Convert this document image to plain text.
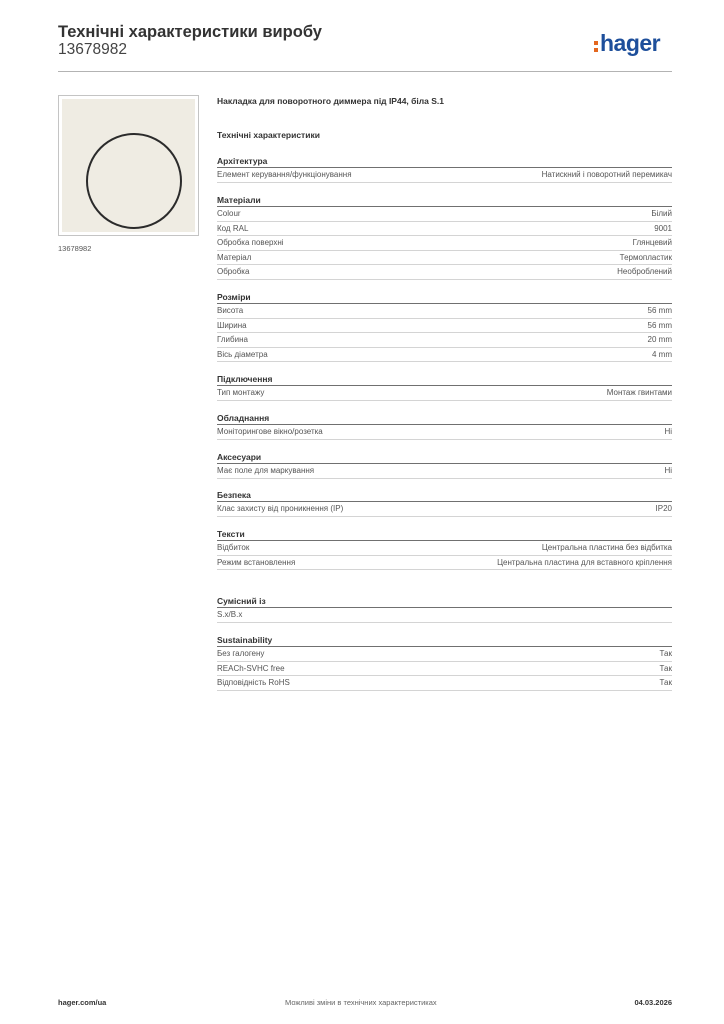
Технічні характеристики виробу
13678982	hager
13678982
Накладка для поворотного диммера під IP44, біла S.1
Технічні характеристики
Архітектура
Елемент керування/функціонування	Натискний і поворотний перемикач
Матеріали
Colour	Білий
Код RAL	9001
Обробка поверхні	Глянцевий
Матеріал	Термопластик
Обробка	Необроблений
Розміри
Висота	56 mm
Ширина	56 mm
Глибина	20 mm
Вісь діаметра	4 mm
Підключення
Тип монтажу	Монтаж гвинтами
Обладнання
Моніторингове вікно/розетка	Ні
Аксесуари
Має поле для маркування	Ні
Безпека
Клас захисту від проникнення (IP)	IP20
Тексти
Відбиток	Центральна пластина без відбитка
Режим встановлення	Центральна пластина для вставного кріплення
Сумісний із
S.x/B.x
Sustainability
Без галогену	Так
REACh-SVHC free	Так
Відповідність RoHS	Так
hager.com/ua	Можливі зміни в технічних характеристиках	04.03.2026
